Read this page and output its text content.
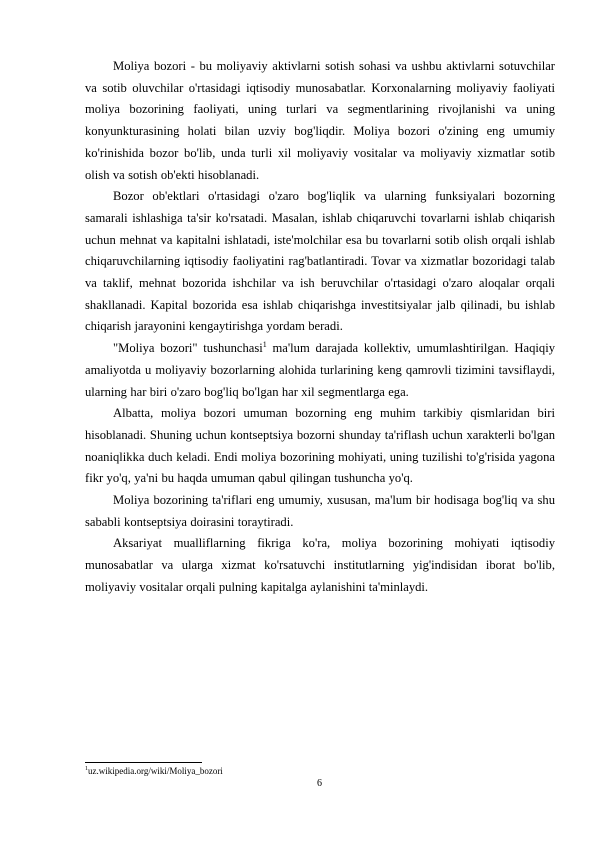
Moliya bozori - bu moliyaviy aktivlarni sotish sohasi va ushbu aktivlarni sotuvchilar va sotib oluvchilar o'rtasidagi iqtisodiy munosabatlar. Korxonalarning moliyaviy faoliyati moliya bozorining faoliyati, uning turlari va segmentlarining rivojlanishi va uning konyunkturasining holati bilan uzviy bog'liqdir. Moliya bozori o'zining eng umumiy ko'rinishida bozor bo'lib, unda turli xil moliyaviy vositalar va moliyaviy xizmatlar sotib olish va sotish ob'ekti hisoblanadi.

Bozor ob'ektlari o'rtasidagi o'zaro bog'liqlik va ularning funksiyalari bozorning samarali ishlashiga ta'sir ko'rsatadi. Masalan, ishlab chiqaruvchi tovarlarni ishlab chiqarish uchun mehnat va kapitalni ishlatadi, iste'molchilar esa bu tovarlarni sotib olish orqali ishlab chiqaruvchilarning iqtisodiy faoliyatini rag'batlantiradi. Tovar va xizmatlar bozoridagi talab va taklif, mehnat bozorida ishchilar va ish beruvchilar o'rtasidagi o'zaro aloqalar orqali shakllanadi. Kapital bozorida esa ishlab chiqarishga investitsiyalar jalb qilinadi, bu ishlab chiqarish jarayonini kengaytirishga yordam beradi.

"Moliya bozori" tushunchasi$^1$ ma'lum darajada kollektiv, umumlashtirilgan. Haqiqiy amaliyotda u moliyaviy bozorlarning alohida turlarining keng qamrovli tizimini tavsiflaydi, ularning har biri o'zaro bog'liq bo'lgan har xil segmentlarga ega.

Albatta, moliya bozori umuman bozorning eng muhim tarkibiy qismlaridan biri hisoblanadi. Shuning uchun kontseptsiya bozorni shunday ta'riflash uchun xarakterli bo'lgan noaniqlikka duch keladi. Endi moliya bozorining mohiyati, uning tuzilishi to'g'risida yagona fikr yo'q, ya'ni bu haqda umuman qabul qilingan tushuncha yo'q.

Moliya bozorining ta'riflari eng umumiy, xususan, ma'lum bir hodisaga bog'liq va shu sababli kontseptsiya doirasini toraytiradi.

Aksariyat mualliflarning fikriga ko'ra, moliya bozorining mohiyati iqtisodiy munosabatlar va ularga xizmat ko'rsatuvchi institutlarning yig'indisidan iborat bo'lib, moliyaviy vositalar orqali pulning kapitalga aylanishini ta'minlaydi.

$^1$uz.wikipedia.org/wiki/Moliya_bozori
6
